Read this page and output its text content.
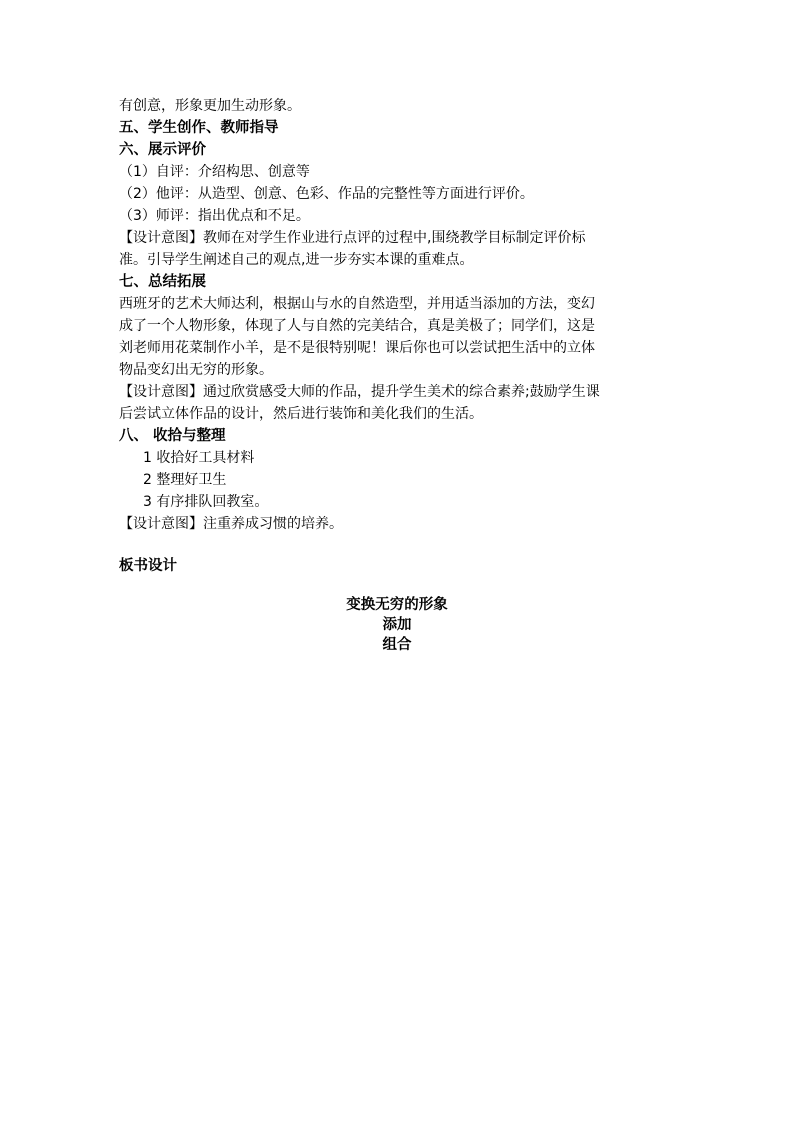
有创意，形象更加生动形象。
五、学生创作、教师指导
六、展示评价
（1）自评：介绍构思、创意等
（2）他评：从造型、创意、色彩、作品的完整性等方面进行评价。
（3）师评：指出优点和不足。
【设计意图】教师在对学生作业进行点评的过程中,围绕教学目标制定评价标
准。引导学生阐述自己的观点,进一步夯实本课的重难点。
七、总结拓展
西班牙的艺术大师达利，根据山与水的自然造型，并用适当添加的方法，变幻
成了一个人物形象，体现了人与自然的完美结合，真是美极了；同学们，这是
刘老师用花菜制作小羊，是不是很特别呢！课后你也可以尝试把生活中的立体
物品变幻出无穷的形象。
【设计意图】通过欣赏感受大师的作品，提升学生美术的综合素养;鼓励学生课
后尝试立体作品的设计，然后进行装饰和美化我们的生活。
八、 收拾与整理
1 收拾好工具材料
2 整理好卫生
3 有序排队回教室。
【设计意图】注重养成习惯的培养。
板书设计
变换无穷的形象
添加
组合
